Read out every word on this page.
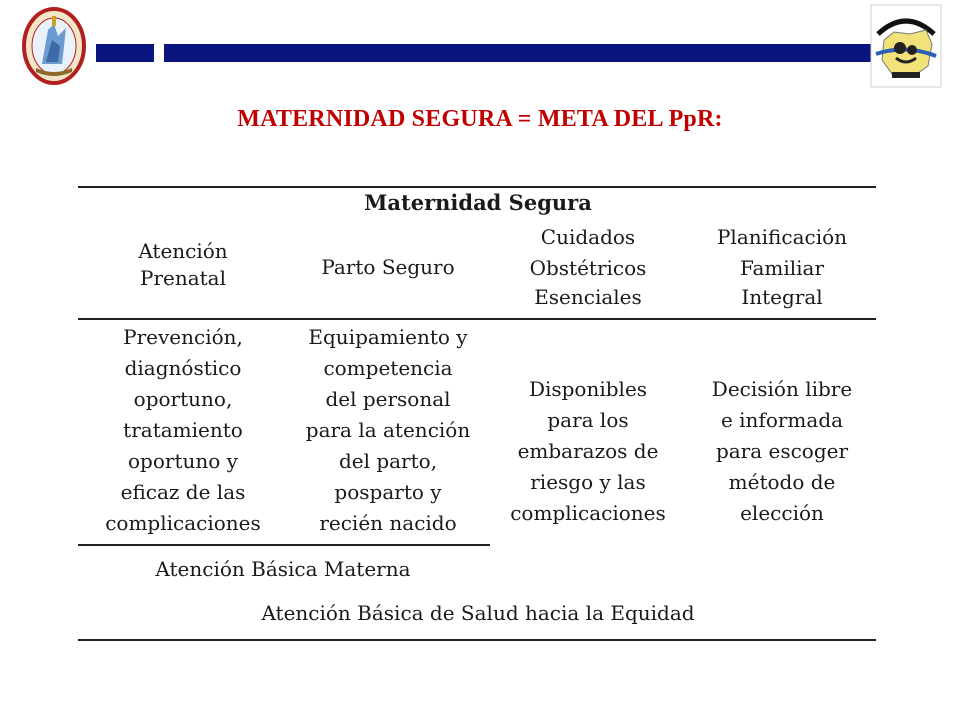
MATERNIDAD SEGURA = META DEL PpR:
Maternidad Segura
Atención
Prenatal	Parto Seguro
Cuidados
Obstétricos
Esenciales
Planificación
Familiar
Integral
Prevención,
diagnóstico
oportuno,
tratamiento
oportuno y
eficaz de las
complicaciones
Equipamiento y
competencia
del personal
para la atención
del parto,
posparto y
recién nacido
Disponibles
para los
embarazos de
riesgo y las
complicaciones
Decisión libre
e informada
para escoger
método de
elección
Atención Básica Materna
Atención Básica de Salud hacia la Equidad
